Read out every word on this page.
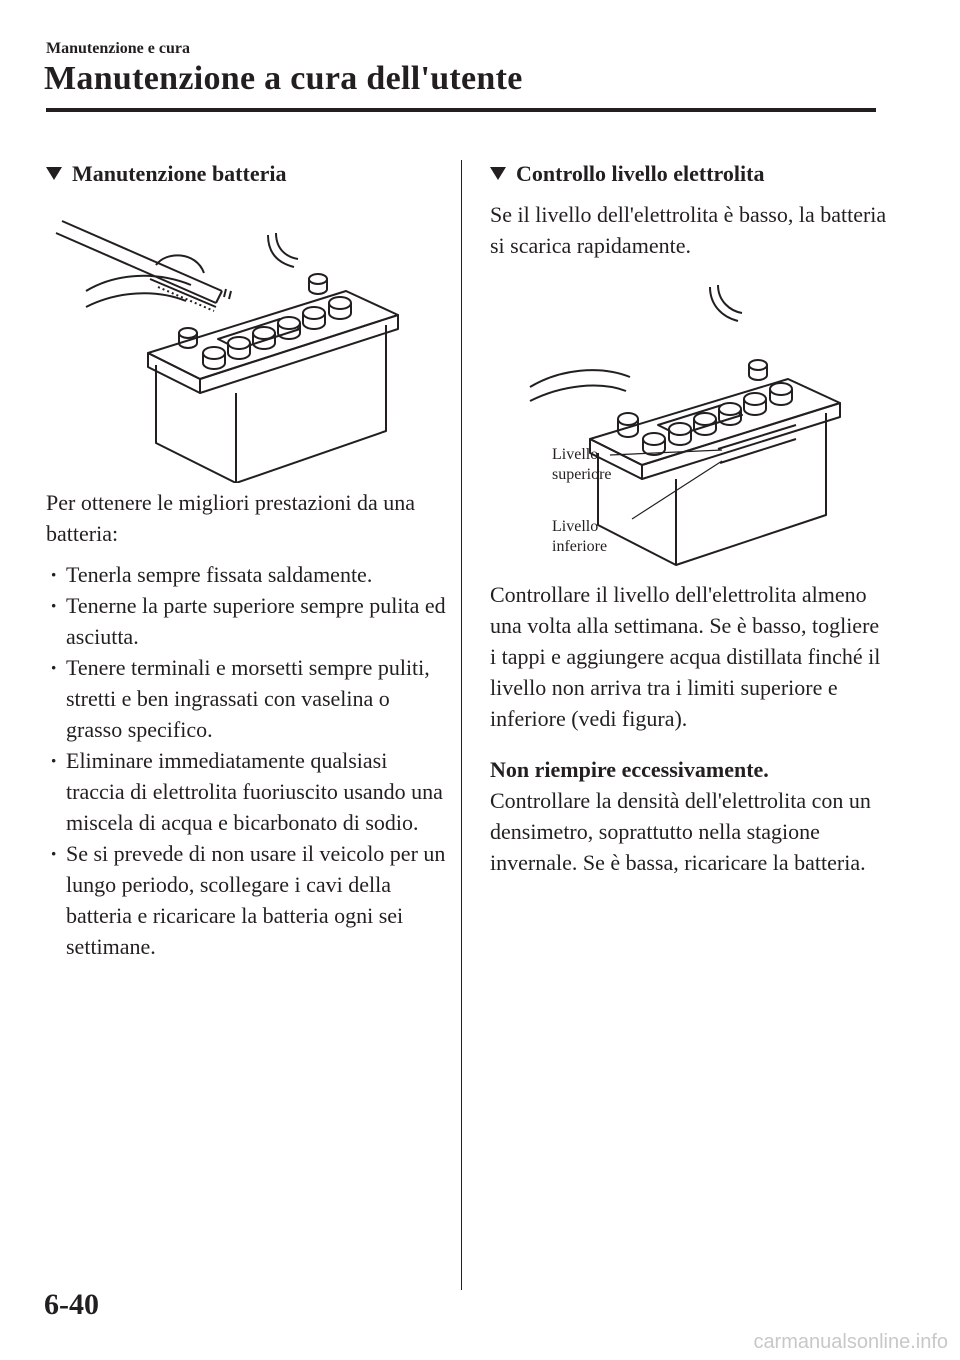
Manutenzione e cura
Manutenzione a cura dell'utente
Manutenzione batteria

Per ottenere le migliori prestazioni da una batteria:

· Tenerla sempre fissata saldamente.
· Tenerne la parte superiore sempre pulita ed asciutta.
· Tenere terminali e morsetti sempre puliti, stretti e ben ingrassati con vaselina o grasso specifico.
· Eliminare immediatamente qualsiasi traccia di elettrolita fuoriuscito usando una miscela di acqua e bicarbonato di sodio.
· Se si prevede di non usare il veicolo per un lungo periodo, scollegare i cavi della batteria e ricaricare la batteria ogni sei settimane.
Controllo livello elettrolita

Se il livello dell'elettrolita è basso, la batteria si scarica rapidamente.

Livello
superiore
Livello
inferiore

Controllare il livello dell'elettrolita almeno una volta alla settimana. Se è basso, togliere i tappi e aggiungere acqua distillata finché il livello non arriva tra i limiti superiore e inferiore (vedi figura).

Non riempire eccessivamente.

Controllare la densità dell'elettrolita con un densimetro, soprattutto nella stagione invernale. Se è bassa, ricaricare la batteria.

6-40
carmanualsonline.info
